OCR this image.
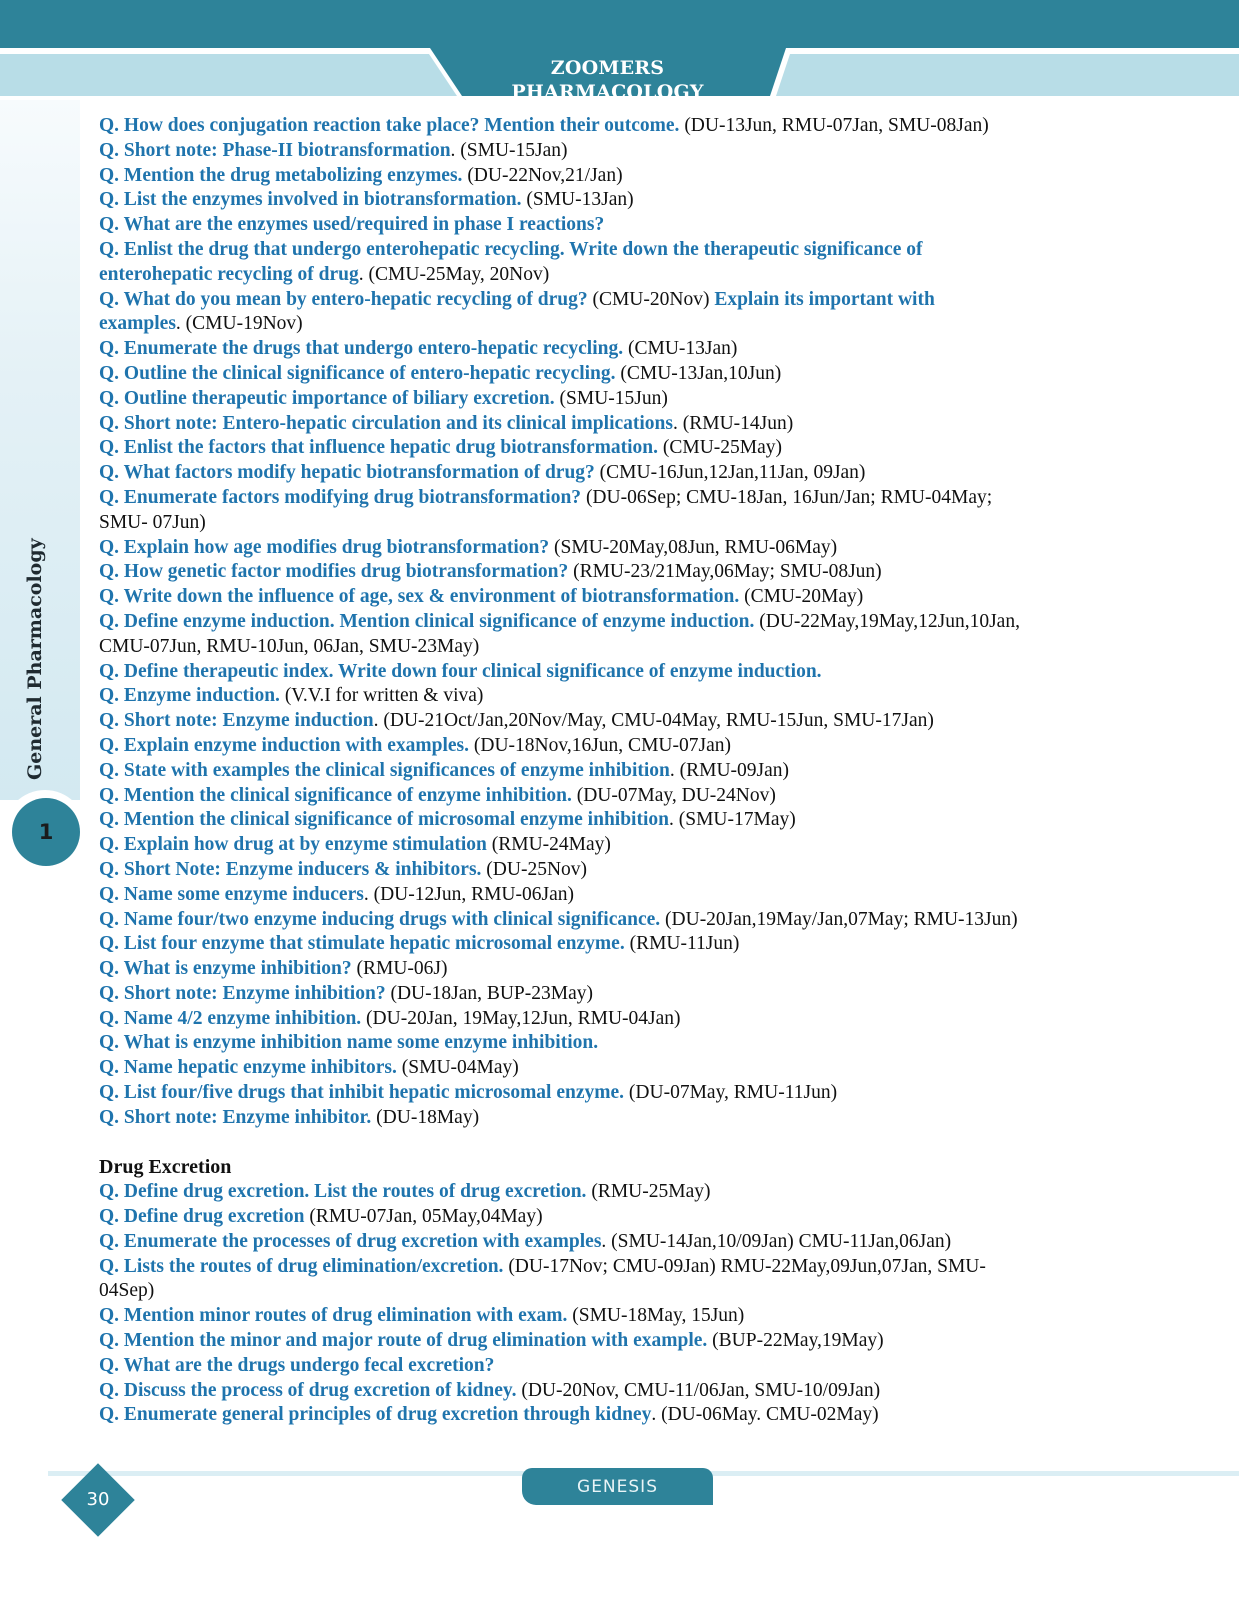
ZOOMERS PHARMACOLOGY
General Pharmacology
1
Q. How does conjugation reaction take place? Mention their outcome. (DU-13Jun, RMU-07Jan, SMU-08Jan)
Q. Short note: Phase-II biotransformation. (SMU-15Jan)
Q. Mention the drug metabolizing enzymes. (DU-22Nov,21/Jan)
Q. List the enzymes involved in biotransformation. (SMU-13Jan)
Q. What are the enzymes used/required in phase I reactions?
Q. Enlist the drug that undergo enterohepatic recycling. Write down the therapeutic significance of
enterohepatic recycling of drug. (CMU-25May, 20Nov)
Q. What do you mean by entero-hepatic recycling of drug? (CMU-20Nov) Explain its important with
examples. (CMU-19Nov)
Q. Enumerate the drugs that undergo entero-hepatic recycling. (CMU-13Jan)
Q. Outline the clinical significance of entero-hepatic recycling. (CMU-13Jan,10Jun)
Q. Outline therapeutic importance of biliary excretion. (SMU-15Jun)
Q. Short note: Entero-hepatic circulation and its clinical implications. (RMU-14Jun)
Q. Enlist the factors that influence hepatic drug biotransformation. (CMU-25May)
Q. What factors modify hepatic biotransformation of drug? (CMU-16Jun,12Jan,11Jan, 09Jan)
Q. Enumerate factors modifying drug biotransformation? (DU-06Sep; CMU-18Jan, 16Jun/Jan; RMU-04May;
SMU- 07Jun)
Q. Explain how age modifies drug biotransformation? (SMU-20May,08Jun, RMU-06May)
Q. How genetic factor modifies drug biotransformation? (RMU-23/21May,06May; SMU-08Jun)
Q. Write down the influence of age, sex & environment of biotransformation. (CMU-20May)
Q. Define enzyme induction. Mention clinical significance of enzyme induction. (DU-22May,19May,12Jun,10Jan,
CMU-07Jun, RMU-10Jun, 06Jan, SMU-23May)
Q. Define therapeutic index. Write down four clinical significance of enzyme induction.
Q. Enzyme induction. (V.V.I for written & viva)
Q. Short note: Enzyme induction. (DU-21Oct/Jan,20Nov/May, CMU-04May, RMU-15Jun, SMU-17Jan)
Q. Explain enzyme induction with examples. (DU-18Nov,16Jun, CMU-07Jan)
Q. State with examples the clinical significances of enzyme inhibition. (RMU-09Jan)
Q. Mention the clinical significance of enzyme inhibition. (DU-07May, DU-24Nov)
Q. Mention the clinical significance of microsomal enzyme inhibition. (SMU-17May)
Q. Explain how drug at by enzyme stimulation (RMU-24May)
Q. Short Note: Enzyme inducers & inhibitors. (DU-25Nov)
Q. Name some enzyme inducers. (DU-12Jun, RMU-06Jan)
Q. Name four/two enzyme inducing drugs with clinical significance. (DU-20Jan,19May/Jan,07May; RMU-13Jun)
Q. List four enzyme that stimulate hepatic microsomal enzyme. (RMU-11Jun)
Q. What is enzyme inhibition? (RMU-06J)
Q. Short note: Enzyme inhibition? (DU-18Jan, BUP-23May)
Q. Name 4/2 enzyme inhibition. (DU-20Jan, 19May,12Jun, RMU-04Jan)
Q. What is enzyme inhibition name some enzyme inhibition.
Q. Name hepatic enzyme inhibitors. (SMU-04May)
Q. List four/five drugs that inhibit hepatic microsomal enzyme. (DU-07May, RMU-11Jun)
Q. Short note: Enzyme inhibitor. (DU-18May)
Drug Excretion
Q. Define drug excretion. List the routes of drug excretion. (RMU-25May)
Q. Define drug excretion (RMU-07Jan, 05May,04May)
Q. Enumerate the processes of drug excretion with examples. (SMU-14Jan,10/09Jan) CMU-11Jan,06Jan)
Q. Lists the routes of drug elimination/excretion. (DU-17Nov; CMU-09Jan) RMU-22May,09Jun,07Jan, SMU-
04Sep)
Q. Mention minor routes of drug elimination with exam. (SMU-18May, 15Jun)
Q. Mention the minor and major route of drug elimination with example. (BUP-22May,19May)
Q. What are the drugs undergo fecal excretion?
Q. Discuss the process of drug excretion of kidney. (DU-20Nov, CMU-11/06Jan, SMU-10/09Jan)
Q. Enumerate general principles of drug excretion through kidney. (DU-06May. CMU-02May)
GENESIS
30
